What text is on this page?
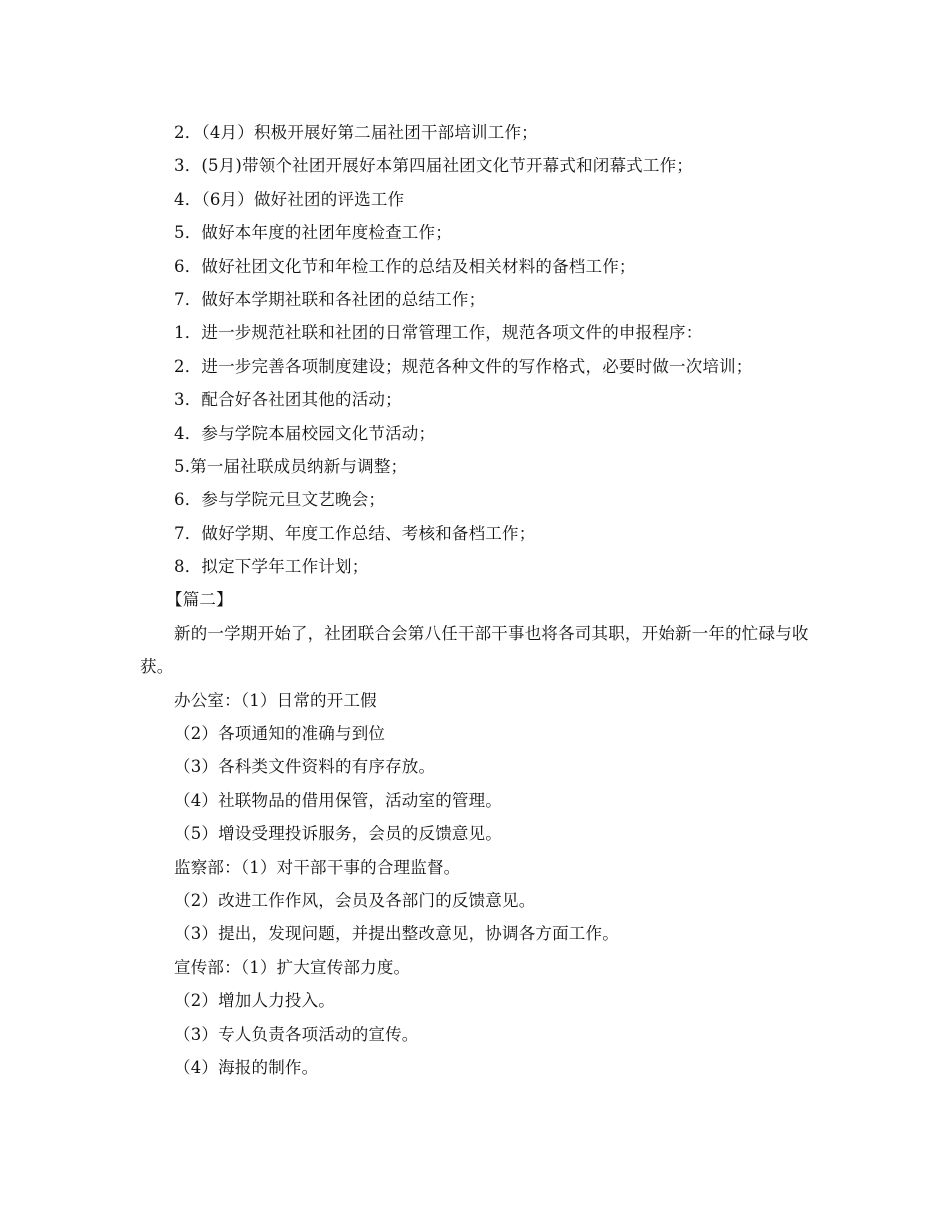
2．（4月）积极开展好第二届社团干部培训工作；
3．(5月)带领个社团开展好本第四届社团文化节开幕式和闭幕式工作；
4．（6月）做好社团的评选工作
5．做好本年度的社团年度检查工作；
6．做好社团文化节和年检工作的总结及相关材料的备档工作；
7．做好本学期社联和各社团的总结工作；
1．进一步规范社联和社团的日常管理工作，规范各项文件的申报程序：
2．进一步完善各项制度建设；规范各种文件的写作格式，必要时做一次培训；
3．配合好各社团其他的活动；
4．参与学院本届校园文化节活动；
5.第一届社联成员纳新与调整；
6．参与学院元旦文艺晚会；
7．做好学期、年度工作总结、考核和备档工作；
8．拟定下学年工作计划；
【篇二】
新的一学期开始了，社团联合会第八任干部干事也将各司其职，开始新一年的忙碌与收获。
办公室：（1）日常的开工假
（2）各项通知的准确与到位
（3）各科类文件资料的有序存放。
（4）社联物品的借用保管，活动室的管理。
（5）增设受理投诉服务，会员的反馈意见。
监察部：（1）对干部干事的合理监督。
（2）改进工作作风，会员及各部门的反馈意见。
（3）提出，发现问题，并提出整改意见，协调各方面工作。
宣传部：（1）扩大宣传部力度。
（2）增加人力投入。
（3）专人负责各项活动的宣传。
（4）海报的制作。
